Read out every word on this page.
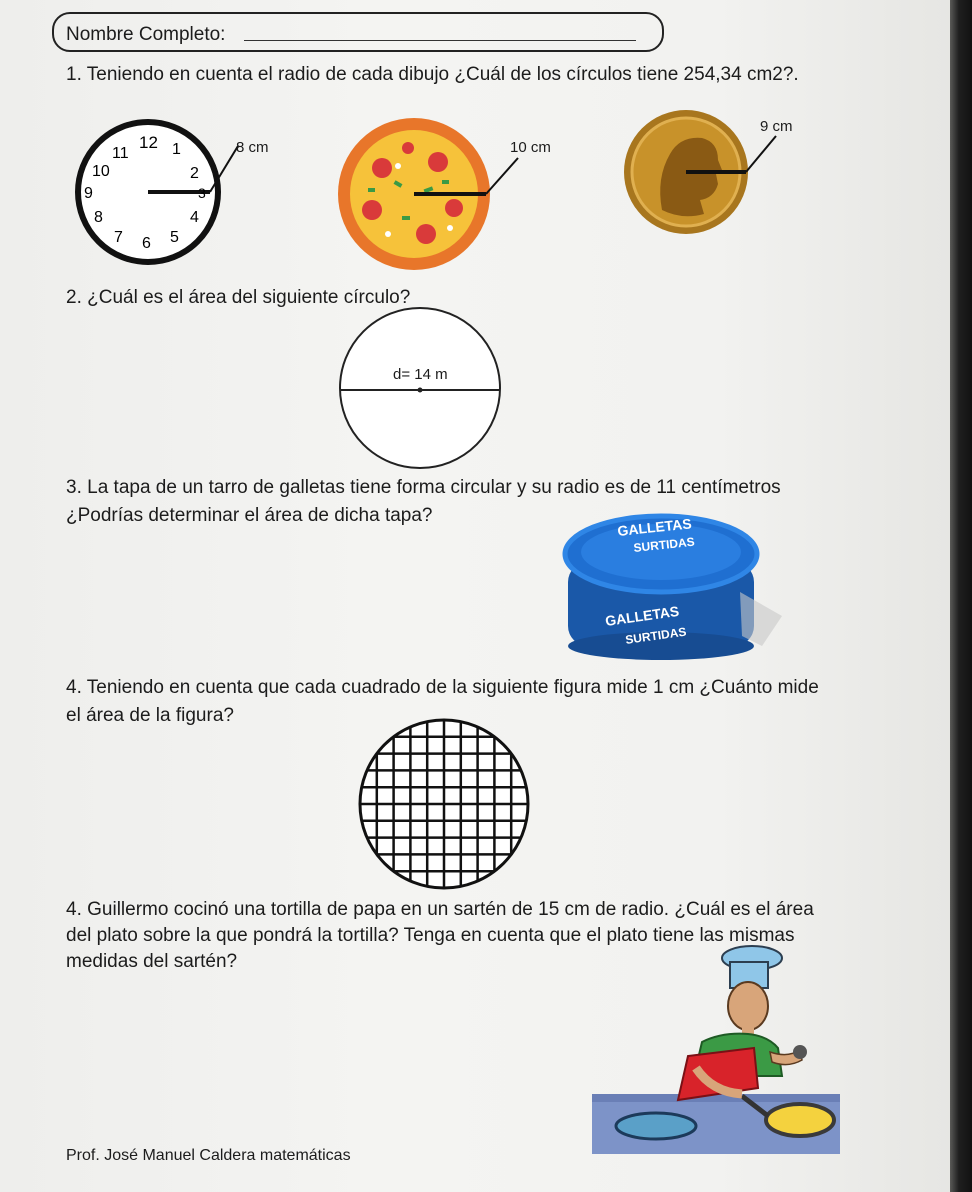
Nombre Completo:
1. Teniendo en cuenta el radio de cada dibujo ¿Cuál de los círculos tiene 254,34 cm2?.
12 1
2
3
4
5
6
7
8
9
10
11	8 cm	10 cm
9 cm
2. ¿Cuál es el área del siguiente círculo?
d= 14 m
3. La tapa de un tarro de galletas tiene forma circular y su radio es de 11 centímetros
¿Podrías determinar el área de dicha tapa?	GALLETAS
SURTIDAS
GALLETAS
SURTIDAS
4. Teniendo en cuenta que cada cuadrado de la siguiente figura mide 1 cm ¿Cuánto mide
el área de la figura?
4. Guillermo cocinó una tortilla de papa en un sartén de 15 cm de radio. ¿Cuál es el área
del plato sobre la que pondrá la tortilla? Tenga en cuenta que el plato tiene las mismas
medidas del sartén?
Prof. José Manuel Caldera matemáticas
